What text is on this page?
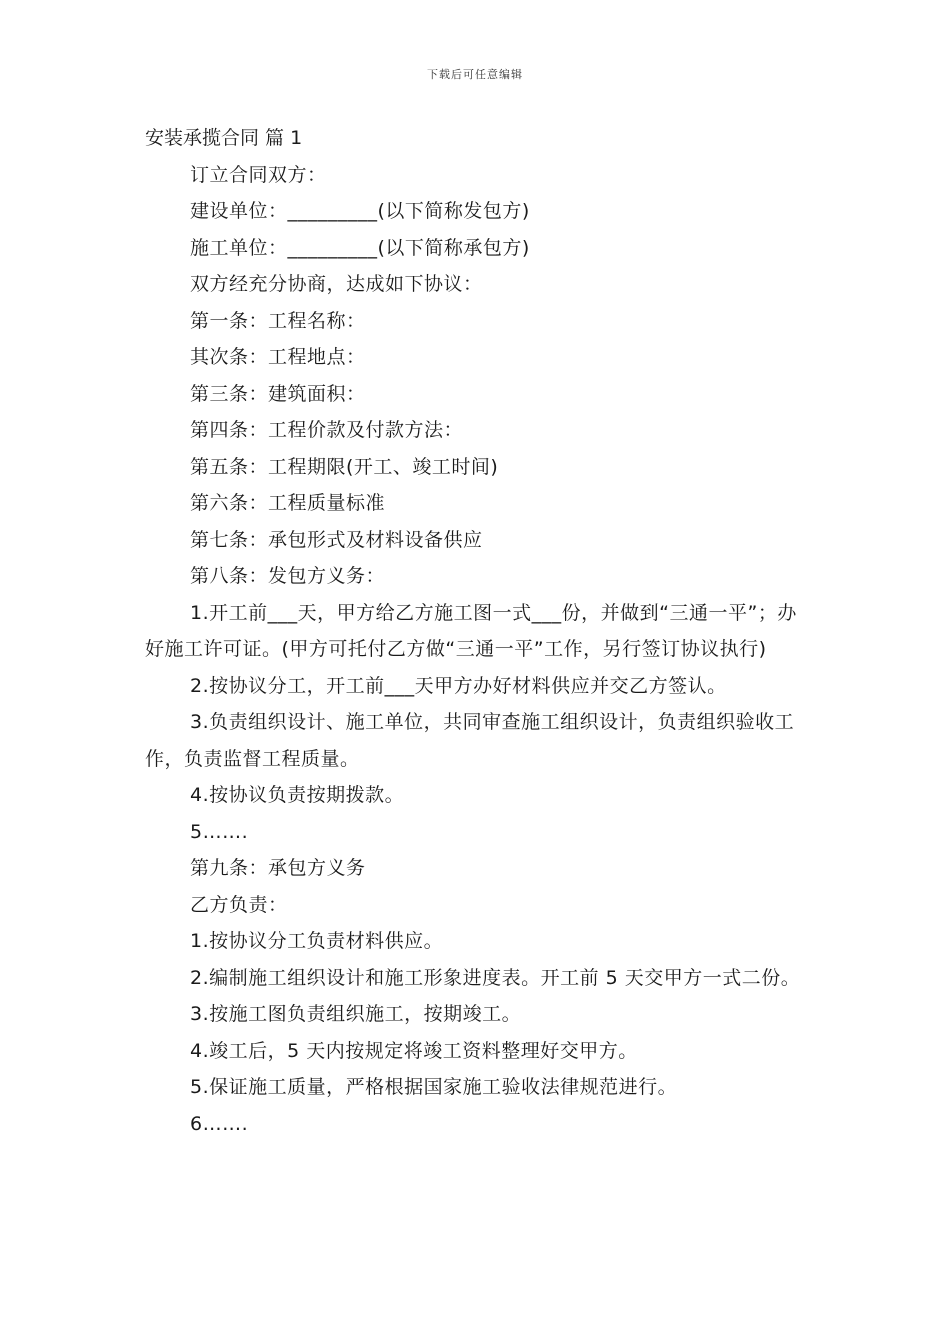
下载后可任意编辑
安装承揽合同 篇 1
订立合同双方：
建设单位：_________(以下简称发包方)
施工单位：_________(以下简称承包方)
双方经充分协商，达成如下协议：
第一条：工程名称：
其次条：工程地点：
第三条：建筑面积：
第四条：工程价款及付款方法：
第五条：工程期限(开工、竣工时间)
第六条：工程质量标准
第七条：承包形式及材料设备供应
第八条：发包方义务：
1.开工前___天，甲方给乙方施工图一式___份，并做到“三通一平”；办好施工许可证。(甲方可托付乙方做“三通一平”工作，另行签订协议执行)
2.按协议分工，开工前___天甲方办好材料供应并交乙方签认。
3.负责组织设计、施工单位，共同审查施工组织设计，负责组织验收工作，负责监督工程质量。
4.按协议负责按期拨款。
5…….
第九条：承包方义务
乙方负责：
1.按协议分工负责材料供应。
2.编制施工组织设计和施工形象进度表。开工前 5 天交甲方一式二份。
3.按施工图负责组织施工，按期竣工。
4.竣工后，5 天内按规定将竣工资料整理好交甲方。
5.保证施工质量，严格根据国家施工验收法律规范进行。
6…….
